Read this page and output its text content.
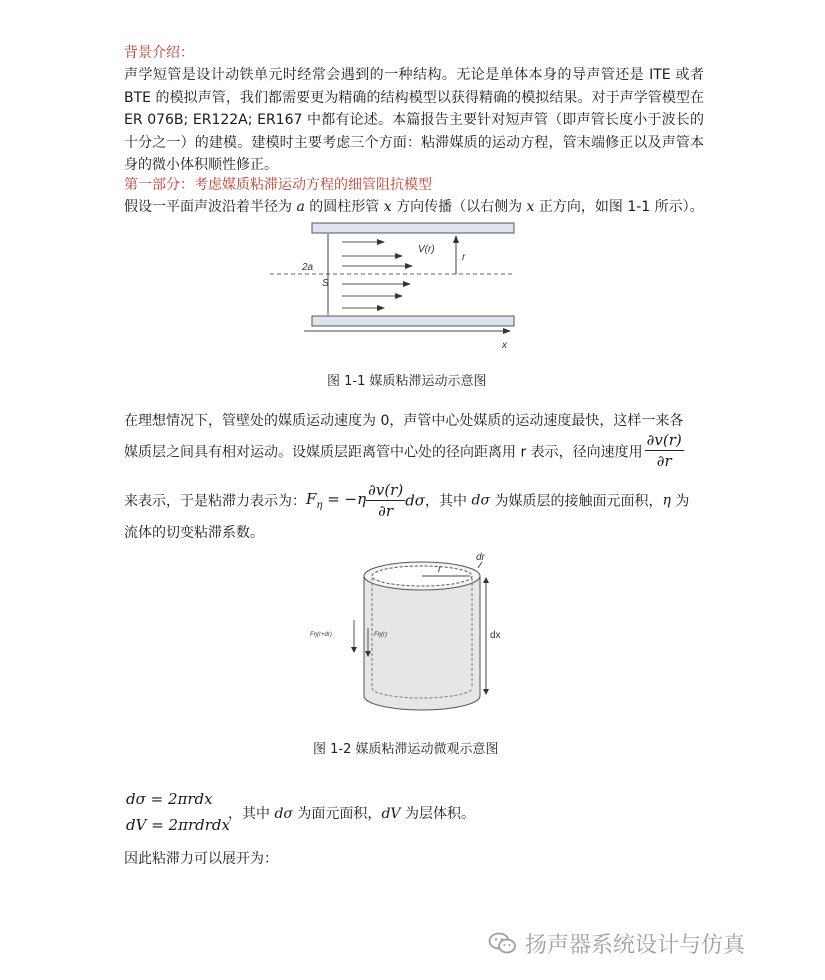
背景介绍：
声学短管是设计动铁单元时经常会遇到的一种结构。无论是单体本身的导声管还是 ITE 或者 BTE 的模拟声管，我们都需要更为精确的结构模型以获得精确的模拟结果。对于声学管模型在 ER 076B; ER122A; ER167 中都有论述。本篇报告主要针对短声管（即声管长度小于波长的十分之一）的建模。建模时主要考虑三个方面：粘滞媒质的运动方程，管末端修正以及声管本身的微小体积顺性修正。
第一部分：考虑媒质粘滞运动方程的细管阻抗模型
假设一平面声波沿着半径为 a 的圆柱形管 x 方向传播（以右侧为 x 正方向，如图 1-1 所示）。
V(r)
r
2a
S
x
图 1-1 媒质粘滞运动示意图
在理想情况下，管壁处的媒质运动速度为 0，声管中心处媒质的运动速度最快，这样一来各
媒质层之间具有相对运动。设媒质层距离管中心处的径向距离用 r 表示，径向速度用 $\frac{\partial v(r)}{\partial r}$
来表示，于是粘滞力表示为：$F_\eta = -\eta \frac{\partial v(r)}{\partial r}$ dσ，其中 dσ 为媒质层的接触面元面积，η 为
流体的切变粘滞系数。
dr
r
dx
Fη(r+dr)	Fη(r)
图 1-2 媒质粘滞运动微观示意图
dσ = 2πrdx
dV = 2πrdrdx
，其中 dσ 为面元面积，dV 为层体积。
因此粘滞力可以展开为：
扬声器系统设计与仿真
